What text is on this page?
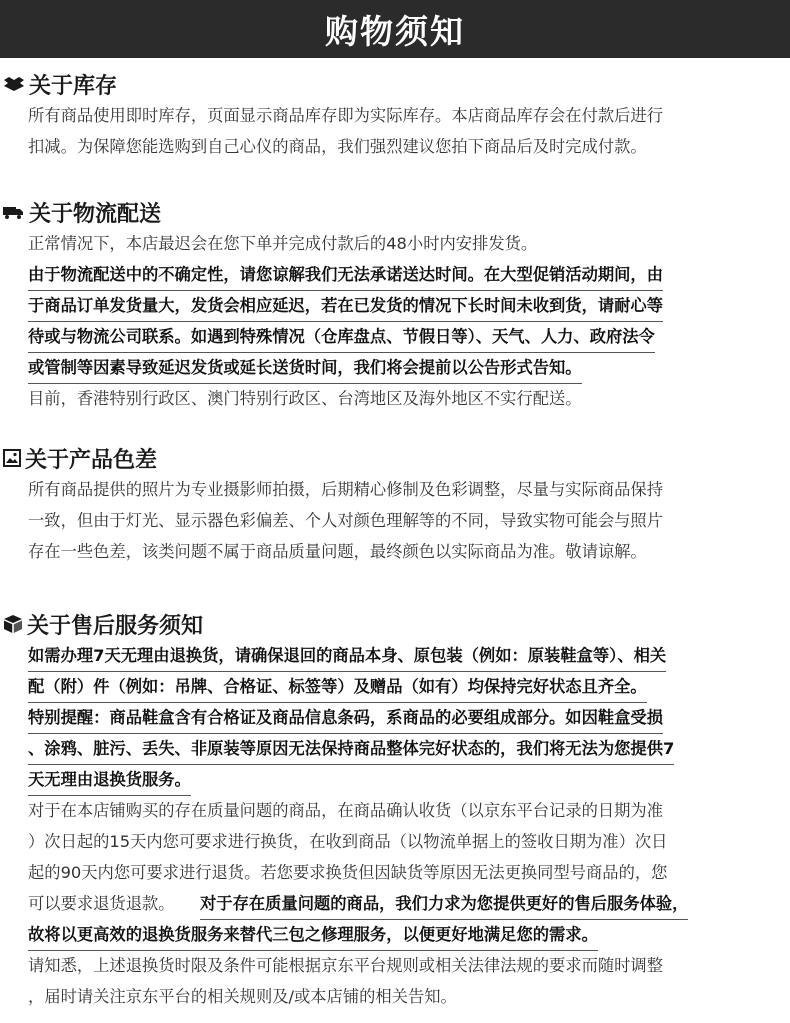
购物须知
关于库存
所有商品使用即时库存，页面显示商品库存即为实际库存。本店商品库存会在付款后进行
扣减。为保障您能选购到自己心仪的商品，我们强烈建议您拍下商品后及时完成付款。
关于物流配送
正常情况下，本店最迟会在您下单并完成付款后的48小时内安排发货。
由于物流配送中的不确定性，请您谅解我们无法承诺送达时间。在大型促销活动期间，由
于商品订单发货量大，发货会相应延迟，若在已发货的情况下长时间未收到货，请耐心等
待或与物流公司联系。如遇到特殊情况（仓库盘点、节假日等）、天气、人力、政府法令
或管制等因素导致延迟发货或延长送货时间，我们将会提前以公告形式告知。
目前，香港特别行政区、澳门特别行政区、台湾地区及海外地区不实行配送。
关于产品色差
所有商品提供的照片为专业摄影师拍摄，后期精心修制及色彩调整，尽量与实际商品保持
一致，但由于灯光、显示器色彩偏差、个人对颜色理解等的不同，导致实物可能会与照片
存在一些色差，该类问题不属于商品质量问题，最终颜色以实际商品为准。敬请谅解。
关于售后服务须知
如需办理7天无理由退换货，请确保退回的商品本身、原包装（例如：原装鞋盒等）、相关
配（附）件（例如：吊牌、合格证、标签等）及赠品（如有）均保持完好状态且齐全。
特别提醒：商品鞋盒含有合格证及商品信息条码，系商品的必要组成部分。如因鞋盒受损
、涂鸦、脏污、丢失、非原装等原因无法保持商品整体完好状态的，我们将无法为您提供7
天无理由退换货服务。
对于在本店铺购买的存在质量问题的商品，在商品确认收货（以京东平台记录的日期为准
）次日起的15天内您可要求进行换货，在收到商品（以物流单据上的签收日期为准）次日
起的90天内您可要求进行退货。若您要求换货但因缺货等原因无法更换同型号商品的，您
可以要求退货退款。 对于存在质量问题的商品，我们力求为您提供更好的售后服务体验，
故将以更高效的退换货服务来替代三包之修理服务，以便更好地满足您的需求。
请知悉，上述退换货时限及条件可能根据京东平台规则或相关法律法规的要求而随时调整
，届时请关注京东平台的相关规则及/或本店铺的相关告知。
